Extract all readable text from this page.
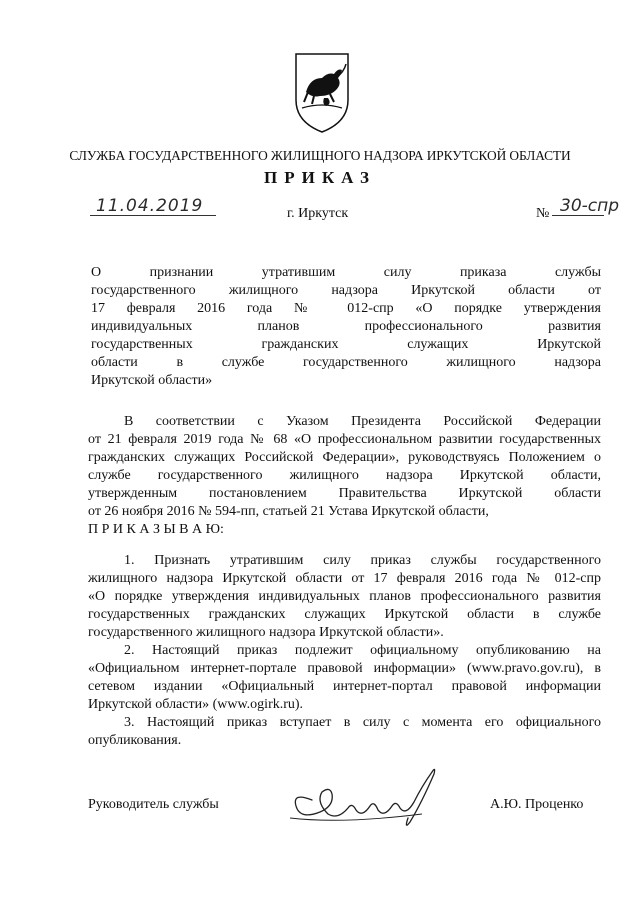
СЛУЖБА ГОСУДАРСТВЕННОГО ЖИЛИЩНОГО НАДЗОРА ИРКУТСКОЙ ОБЛАСТИ
ПРИКАЗ
11.04.2019	г. Иркутск	№ 30-спр
О признании утратившим силу приказа службы
государственного жилищного надзора Иркутской области от
17 февраля 2016 года № 012-спр «О порядке утверждения
индивидуальных планов профессионального развития
государственных гражданских служащих Иркутской
области в службе государственного жилищного надзора
Иркутской области»
В соответствии с Указом Президента Российской Федерации
от 21 февраля 2019 года № 68 «О профессиональном развитии государственных
гражданских служащих Российской Федерации», руководствуясь Положением о
службе государственного жилищного надзора Иркутской области,
утвержденным постановлением Правительства Иркутской области
от 26 ноября 2016 № 594-пп, статьей 21 Устава Иркутской области,
П Р И К А З Ы В А Ю:
1. Признать утратившим силу приказ службы государственного
жилищного надзора Иркутской области от 17 февраля 2016 года № 012-спр
«О порядке утверждения индивидуальных планов профессионального развития
государственных гражданских служащих Иркутской области в службе
государственного жилищного надзора Иркутской области».
2. Настоящий приказ подлежит официальному опубликованию на
«Официальном интернет-портале правовой информации» (www.pravo.gov.ru), в
сетевом издании «Официальный интернет-портал правовой информации
Иркутской области» (www.ogirk.ru).
3. Настоящий приказ вступает в силу с момента его официального
опубликования.
Руководитель службы	А.Ю. Проценко
